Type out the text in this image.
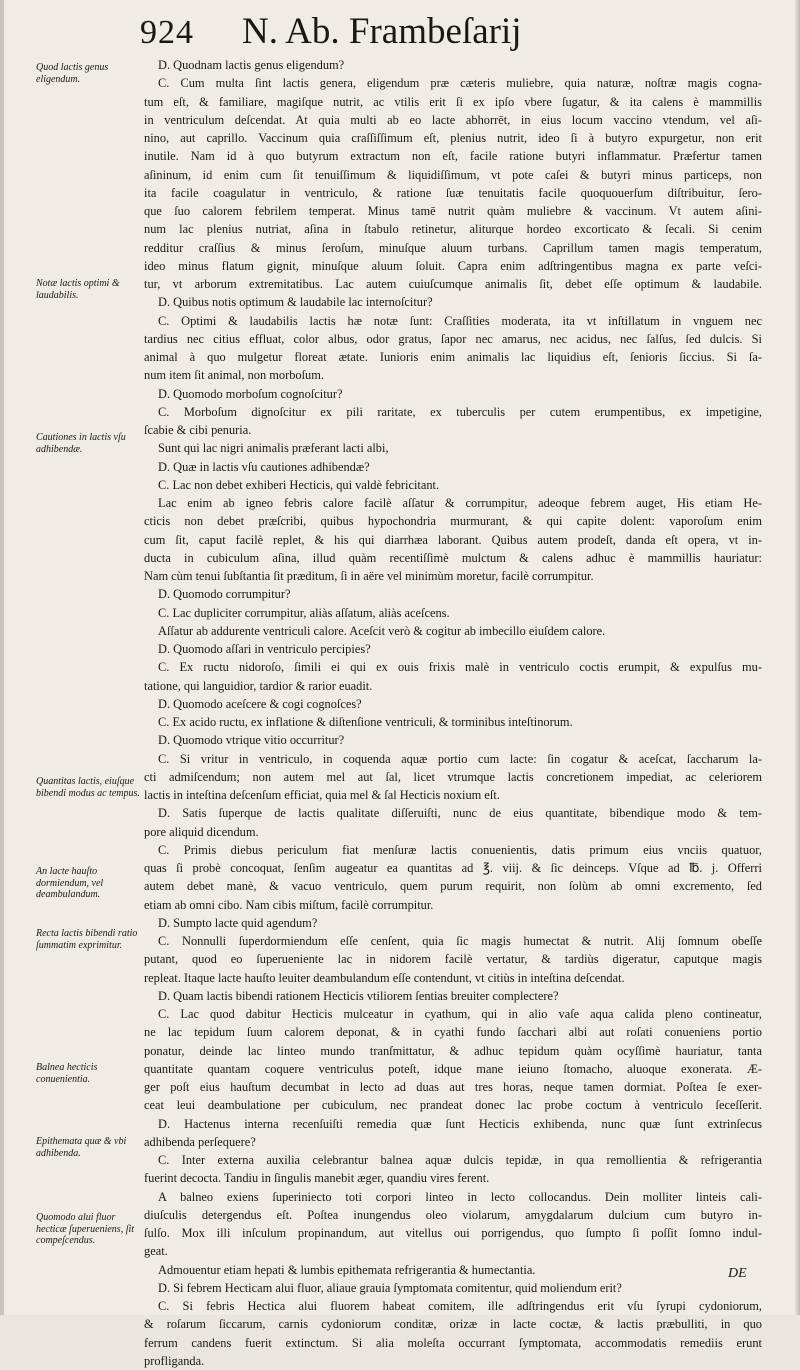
924 N. Ab. Frambeſarij
Quod lactis genus eligendum.
Notæ lactis optimi & laudabilis.
Cautiones in lactis vſu adhibendæ.
Quantitas lactis, eiuſque bibendi modus ac tempus.
An lacte hauſto dormiendum, vel deambulandum.
Recta lactis bibendi ratio ſummatim exprimitur.
Balnea hecticis conuenientia.
Epithemata quæ & vbi adhibenda.
Quomodo alui fluor hecticæ ſuperueniens, ſit compeſcendus.
D. Quodnam lactis genus eligendum?
C. Cum multa ſint lactis genera, eligendum præ cæteris muliebre, quia naturæ, noſtræ magis cogna-
tum eſt, & familiare, magiſque nutrit, ac vtilis erit ſi ex ipſo vbere ſugatur, & ita calens è mammillis
in ventriculum deſcendat. At quia multi ab eo lacte abhorrēt, in eius locum vaccino vtendum, vel aſi-
nino, aut caprillo. Vaccinum quia craſſiſſimum eſt, plenius nutrit, ideo ſi à butyro expurgetur, non erit
inutile. Nam id à quo butyrum extractum non eſt, facile ratione butyri inflammatur. Præfertur tamen
aſininum, id enim cum ſit tenuiſſimum & liquidiſſimum, vt pote caſei & butyri minus particeps, non
ita facile coagulatur in ventriculo, & ratione ſuæ tenuitatis facile quoquouerſum diſtribuitur, ſero-
que ſuo calorem febrilem temperat. Minus tamē nutrit quàm muliebre & vaccinum. Vt autem aſini-
num lac plenius nutriat, aſina in ſtabulo retinetur, aliturque hordeo excorticato & ſecali. Si cenim
redditur craſſius & minus ſeroſum, minuſque aluum turbans. Caprillum tamen magis temperatum,
ideo minus flatum gignit, minuſque aluum ſoluit. Capra enim adſtringentibus magna ex parte veſci-
tur, vt arborum extremitatibus. Lac autem cuiuſcumque animalis ſit, debet eſſe optimum & laudabile.
D. Quibus notis optimum & laudabile lac internoſcitur?
C. Optimi & laudabilis lactis hæ notæ ſunt: Craſſities moderata, ita vt inſtillatum in vnguem nec
tardius nec citius effluat, color albus, odor gratus, ſapor nec amarus, nec acidus, nec ſalſus, ſed dulcis. Si
animal à quo mulgetur floreat ætate. Iunioris enim animalis lac liquidius eſt, ſenioris ſiccius. Si ſa-
num item ſit animal, non morboſum.
D. Quomodo morboſum cognoſcitur?
C. Morboſum dignoſcitur ex pili raritate, ex tuberculis per cutem erumpentibus, ex impetigine,
ſcabie & cibi penuria.
Sunt qui lac nigri animalis præferant lacti albi,
D. Quæ in lactis vſu cautiones adhibendæ?
C. Lac non debet exhiberi Hecticis, qui valdè febricitant.
Lac enim ab igneo febris calore facilè aſſatur & corrumpitur, adeoque febrem auget, His etiam He-
cticis non debet præſcribi, quibus hypochondria murmurant, & qui capite dolent: vaporoſum enim
cum ſit, caput facilè replet, & his qui diarrhæa laborant. Quibus autem prodeſt, danda eſt opera, vt in-
ducta in cubiculum aſina, illud quàm recentiſſimè mulctum & calens adhuc è mammillis hauriatur:
Nam cùm tenui ſubſtantia ſit præditum, ſi in aëre vel minimùm moretur, facilè corrumpitur.
D. Quomodo corrumpitur?
C. Lac dupliciter corrumpitur, aliàs aſſatum, aliàs aceſcens.
Aſſatur ab addurente ventriculi calore. Aceſcit verò & cogitur ab imbecillo eiuſdem calore.
D. Quomodo aſſari in ventriculo percipies?
C. Ex ructu nidoroſo, ſimili ei qui ex ouis frixis malè in ventriculo coctis erumpit, & expulſus mu-
tatione, qui languidior, tardior & rarior euadit.
D. Quomodo aceſcere & cogi cognoſces?
C. Ex acido ructu, ex inflatione & diſtenſione ventriculi, & torminibus inteſtinorum.
D. Quomodo vtrique vitio occurritur?
C. Si vritur in ventriculo, in coquenda aquæ portio cum lacte: ſin cogatur & aceſcat, ſaccharum la-
cti admiſcendum; non autem mel aut ſal, licet vtrumque lactis concretionem impediat, ac celeriorem
lactis in inteſtina deſcenſum efficiat, quia mel & ſal Hecticis noxium eſt.
D. Satis ſuperque de lactis qualitate diſſeruiſti, nunc de eius quantitate, bibendique modo & tem-
pore aliquid dicendum.
C. Primis diebus periculum fiat menſuræ lactis conuenientis, datis primum eius vnciis quatuor,
quas ſi probè concoquat, ſenſim augeatur ea quantitas ad ℥. viij. & ſic deinceps. Vſque ad ℔. j. Offerri
autem debet manè, & vacuo ventriculo, quem purum requirit, non ſolùm ab omni excremento, ſed
etiam ab omni cibo. Nam cibis miſtum, facilè corrumpitur.
D. Sumpto lacte quid agendum?
C. Nonnulli ſuperdormiendum eſſe cenſent, quia ſic magis humectat & nutrit. Alij ſomnum obeſſe
putant, quod eo ſuperueniente lac in nidorem facilè vertatur, & tardiùs digeratur, caputque magis
repleat. Itaque lacte hauſto leuiter deambulandum eſſe contendunt, vt citiùs in inteſtina deſcendat.
D. Quam lactis bibendi rationem Hecticis vtiliorem ſentias breuiter complectere?
C. Lac quod dabitur Hecticis mulceatur in cyathum, qui in alio vaſe aqua calida pleno contineatur,
ne lac tepidum ſuum calorem deponat, & in cyathi fundo ſacchari albi aut roſati conueniens portio
ponatur, deinde lac linteo mundo tranſmittatur, & adhuc tepidum quàm ocyſſimè hauriatur, tanta
quantitate quantam coquere ventriculus poteſt, idque mane ieiuno ſtomacho, aluoque exonerata. Æ-
ger poſt eius hauſtum decumbat in lecto ad duas aut tres horas, neque tamen dormiat. Poſtea ſe exer-
ceat leui deambulatione per cubiculum, nec prandeat donec lac probe coctum à ventriculo ſeceſſerit.
D. Hactenus interna recenſuiſti remedia quæ ſunt Hecticis exhibenda, nunc quæ ſunt extrinſecus
adhibenda perſequere?
C. Inter externa auxilia celebrantur balnea aquæ dulcis tepidæ, in qua remollientia & refrigerantia
fuerint decocta. Tandiu in ſingulis manebit æger, quandiu vires ferent.
A balneo exiens ſuperiniecto toti corpori linteo in lecto collocandus. Dein molliter linteis cali-
diuſculis detergendus eſt. Poſtea inungendus oleo violarum, amygdalarum dulcium cum butyro in-
ſulſo. Mox illi inſculum propinandum, aut vitellus oui porrigendus, quo ſumpto ſi poſſit ſomno indul-
geat.
Admouentur etiam hepati & lumbis epithemata refrigerantia & humectantia.
D. Si febrem Hecticam alui fluor, aliaue grauia ſymptomata comitentur, quid moliendum erit?
C. Si febris Hectica alui fluorem habeat comitem, ille adſtringendus erit vſu ſyrupi cydoniorum,
& roſarum ſiccarum, carnis cydoniorum conditæ, orizæ in lacte coctæ, & lactis præbulliti, in quo
ferrum candens fuerit extinctum. Si alia moleſta occurrant ſymptomata, accommodatis remediis erunt
profliganda.
DE
